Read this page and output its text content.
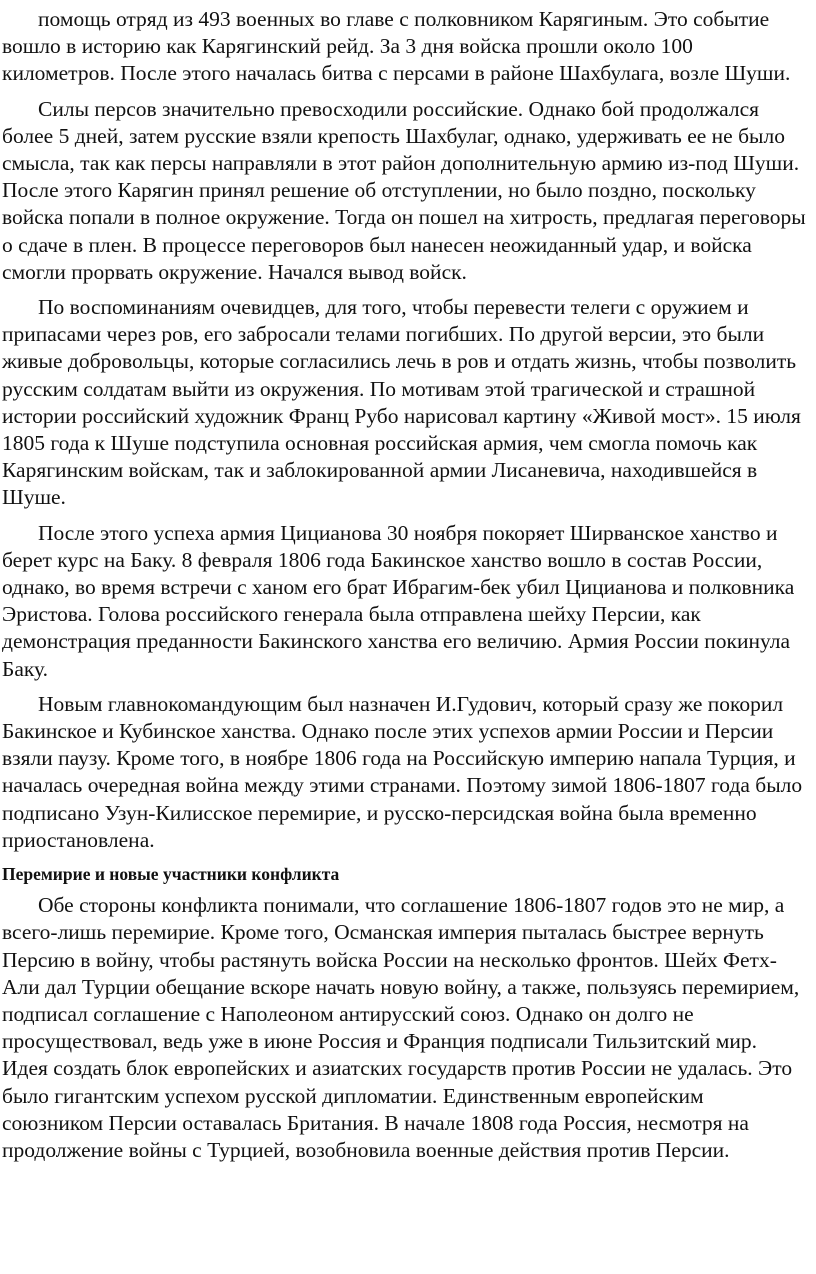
помощь отряд из 493 военных во главе с полковником Карягиным. Это событие вошло в историю как Карягинский рейд. За 3 дня войска прошли около 100 километров. После этого началась битва с персами в районе Шахбулага, возле Шуши.

Силы персов значительно превосходили российские. Однако бой продолжался более 5 дней, затем русские взяли крепость Шахбулаг, однако, удерживать ее не было смысла, так как персы направляли в этот район дополнительную армию из-под Шуши. После этого Карягин принял решение об отступлении, но было поздно, поскольку войска попали в полное окружение. Тогда он пошел на хитрость, предлагая переговоры о сдаче в плен. В процессе переговоров был нанесен неожиданный удар, и войска смогли прорвать окружение. Начался вывод войск.

По воспоминаниям очевидцев, для того, чтобы перевести телеги с оружием и припасами через ров, его забросали телами погибших. По другой версии, это были живые добровольцы, которые согласились лечь в ров и отдать жизнь, чтобы позволить русским солдатам выйти из окружения. По мотивам этой трагической и страшной истории российский художник Франц Рубо нарисовал картину «Живой мост». 15 июля 1805 года к Шуше подступила основная российская армия, чем смогла помочь как Карягинским войскам, так и заблокированной армии Лисаневича, находившейся в Шуше.

После этого успеха армия Цицианова 30 ноября покоряет Ширванское ханство и берет курс на Баку. 8 февраля 1806 года Бакинское ханство вошло в состав России, однако, во время встречи с ханом его брат Ибрагим-бек убил Цицианова и полковника Эристова. Голова российского генерала была отправлена шейху Персии, как демонстрация преданности Бакинского ханства его величию. Армия России покинула Баку.

Новым главнокомандующим был назначен И.Гудович, который сразу же покорил Бакинское и Кубинское ханства. Однако после этих успехов армии России и Персии взяли паузу. Кроме того, в ноябре 1806 года на Российскую империю напала Турция, и началась очередная война между этими странами. Поэтому зимой 1806-1807 года было подписано Узун-Килисское перемирие, и русско-персидская война была временно приостановлена.

Перемирие и новые участники конфликта

Обе стороны конфликта понимали, что соглашение 1806-1807 годов это не мир, а всего-лишь перемирие. Кроме того, Османская империя пыталась быстрее вернуть Персию в войну, чтобы растянуть войска России на несколько фронтов. Шейх Фетх-Али дал Турции обещание вскоре начать новую войну, а также, пользуясь перемирием, подписал соглашение с Наполеоном антирусский союз. Однако он долго не просуществовал, ведь уже в июне Россия и Франция подписали Тильзитский мир. Идея создать блок европейских и азиатских государств против России не удалась. Это было гигантским успехом русской дипломатии. Единственным европейским союзником Персии оставалась Британия. В начале 1808 года Россия, несмотря на продолжение войны с Турцией, возобновила военные действия против Персии.
